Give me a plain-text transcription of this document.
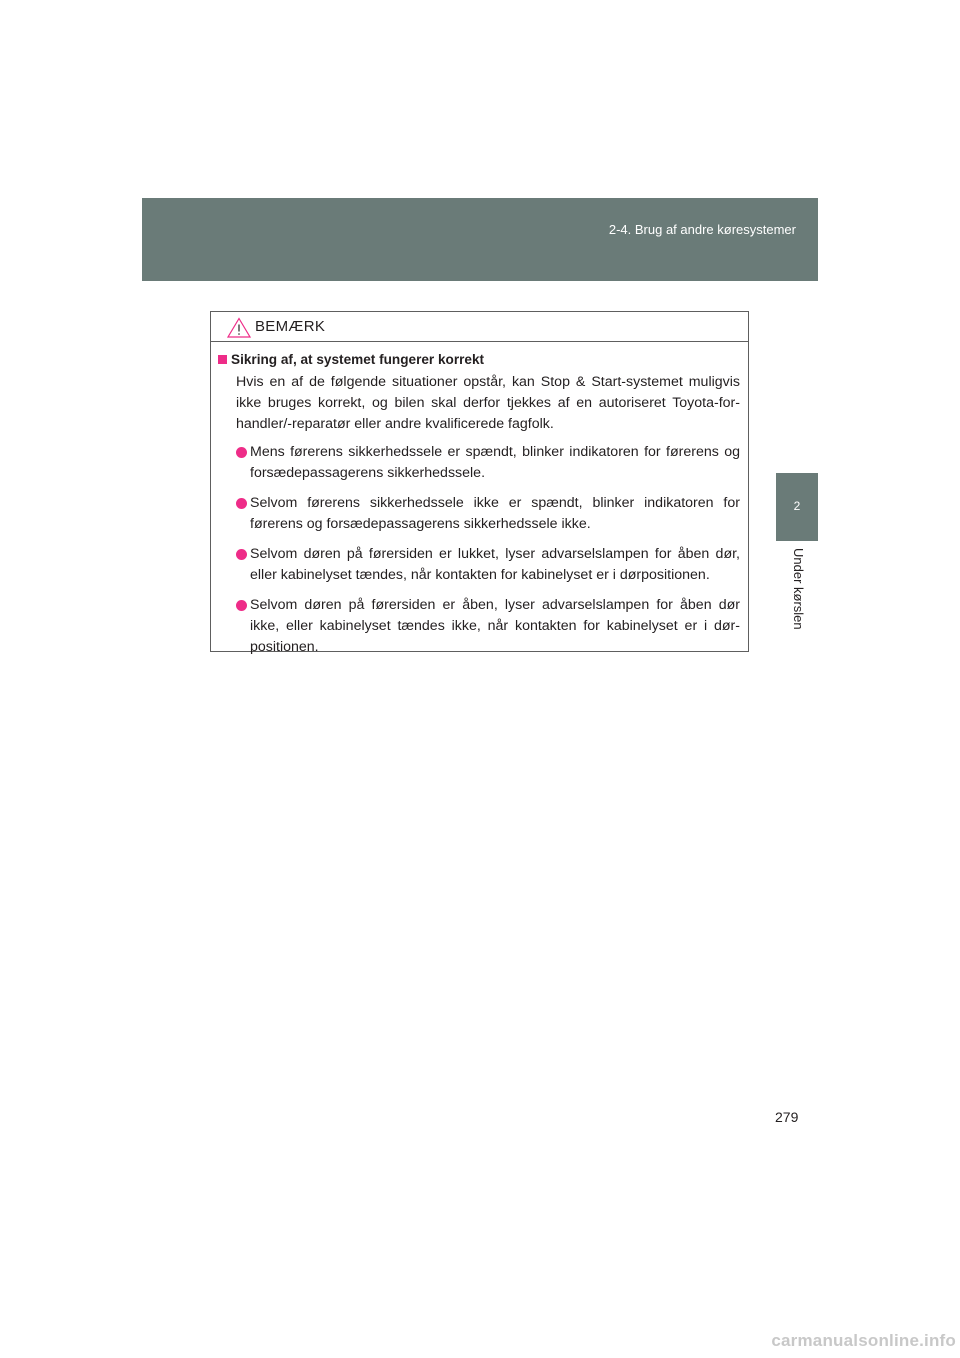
2-4. Brug af andre køresystemer
2
Under kørslen
BEMÆRK
Sikring af, at systemet fungerer korrekt

Hvis en af de følgende situationer opstår, kan Stop & Start-systemet muligvis ikke bruges korrekt, og bilen skal derfor tjekkes af en autoriseret Toyota-for-handler/-reparatør eller andre kvalificerede fagfolk.

Mens førerens sikkerhedssele er spændt, blinker indikatoren for førerens og forsædepassagerens sikkerhedssele.
Selvom førerens sikkerhedssele ikke er spændt, blinker indikatoren for førerens og forsædepassagerens sikkerhedssele ikke.
Selvom døren på førersiden er lukket, lyser advarselslampen for åben dør, eller kabinelyset tændes, når kontakten for kabinelyset er i dørpositionen.
Selvom døren på førersiden er åben, lyser advarselslampen for åben dør ikke, eller kabinelyset tændes ikke, når kontakten for kabinelyset er i dør-positionen.
279
carmanualsonline.info
